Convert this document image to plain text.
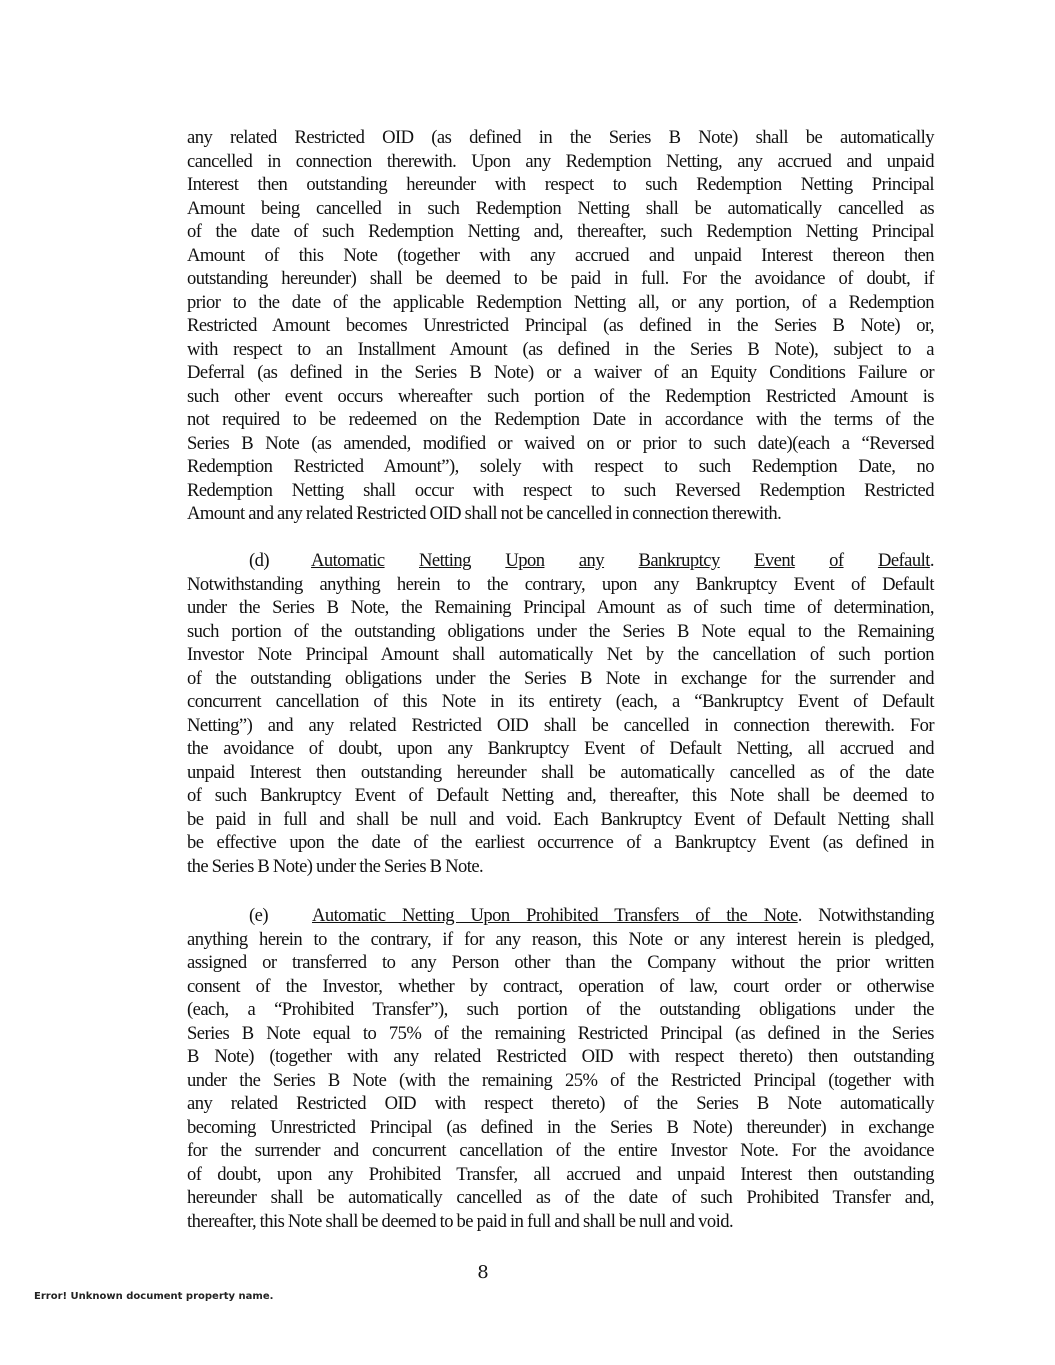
any related Restricted OID (as defined in the Series B Note) shall be automatically
cancelled in connection therewith. Upon any Redemption Netting, any accrued and unpaid
Interest then outstanding hereunder with respect to such Redemption Netting Principal
Amount being cancelled in such Redemption Netting shall be automatically cancelled as
of the date of such Redemption Netting and, thereafter, such Redemption Netting Principal
Amount of this Note (together with any accrued and unpaid Interest thereon then
outstanding hereunder) shall be deemed to be paid in full. For the avoidance of doubt, if
prior to the date of the applicable Redemption Netting all, or any portion, of a Redemption
Restricted Amount becomes Unrestricted Principal (as defined in the Series B Note) or,
with respect to an Installment Amount (as defined in the Series B Note), subject to a
Deferral (as defined in the Series B Note) or a waiver of an Equity Conditions Failure or
such other event occurs whereafter such portion of the Redemption Restricted Amount is
not required to be redeemed on the Redemption Date in accordance with the terms of the
Series B Note (as amended, modified or waived on or prior to such date)(each a “Reversed
Redemption Restricted Amount”), solely with respect to such Redemption Date, no
Redemption Netting shall occur with respect to such Reversed Redemption Restricted
Amount and any related Restricted OID shall not be cancelled in connection therewith.
(d) Automatic Netting Upon any Bankruptcy Event of Default.
Notwithstanding anything herein to the contrary, upon any Bankruptcy Event of Default
under the Series B Note, the Remaining Principal Amount as of such time of determination,
such portion of the outstanding obligations under the Series B Note equal to the Remaining
Investor Note Principal Amount shall automatically Net by the cancellation of such portion
of the outstanding obligations under the Series B Note in exchange for the surrender and
concurrent cancellation of this Note in its entirety (each, a “Bankruptcy Event of Default
Netting”) and any related Restricted OID shall be cancelled in connection therewith. For
the avoidance of doubt, upon any Bankruptcy Event of Default Netting, all accrued and
unpaid Interest then outstanding hereunder shall be automatically cancelled as of the date
of such Bankruptcy Event of Default Netting and, thereafter, this Note shall be deemed to
be paid in full and shall be null and void. Each Bankruptcy Event of Default Netting shall
be effective upon the date of the earliest occurrence of a Bankruptcy Event (as defined in
the Series B Note) under the Series B Note.
(e) Automatic Netting Upon Prohibited Transfers of the Note. Notwithstanding
anything herein to the contrary, if for any reason, this Note or any interest herein is pledged,
assigned or transferred to any Person other than the Company without the prior written
consent of the Investor, whether by contract, operation of law, court order or otherwise
(each, a “Prohibited Transfer”), such portion of the outstanding obligations under the
Series B Note equal to 75% of the remaining Restricted Principal (as defined in the Series
B Note) (together with any related Restricted OID with respect thereto) then outstanding
under the Series B Note (with the remaining 25% of the Restricted Principal (together with
any related Restricted OID with respect thereto) of the Series B Note automatically
becoming Unrestricted Principal (as defined in the Series B Note) thereunder) in exchange
for the surrender and concurrent cancellation of the entire Investor Note. For the avoidance
of doubt, upon any Prohibited Transfer, all accrued and unpaid Interest then outstanding
hereunder shall be automatically cancelled as of the date of such Prohibited Transfer and,
thereafter, this Note shall be deemed to be paid in full and shall be null and void.
8
Error! Unknown document property name.
